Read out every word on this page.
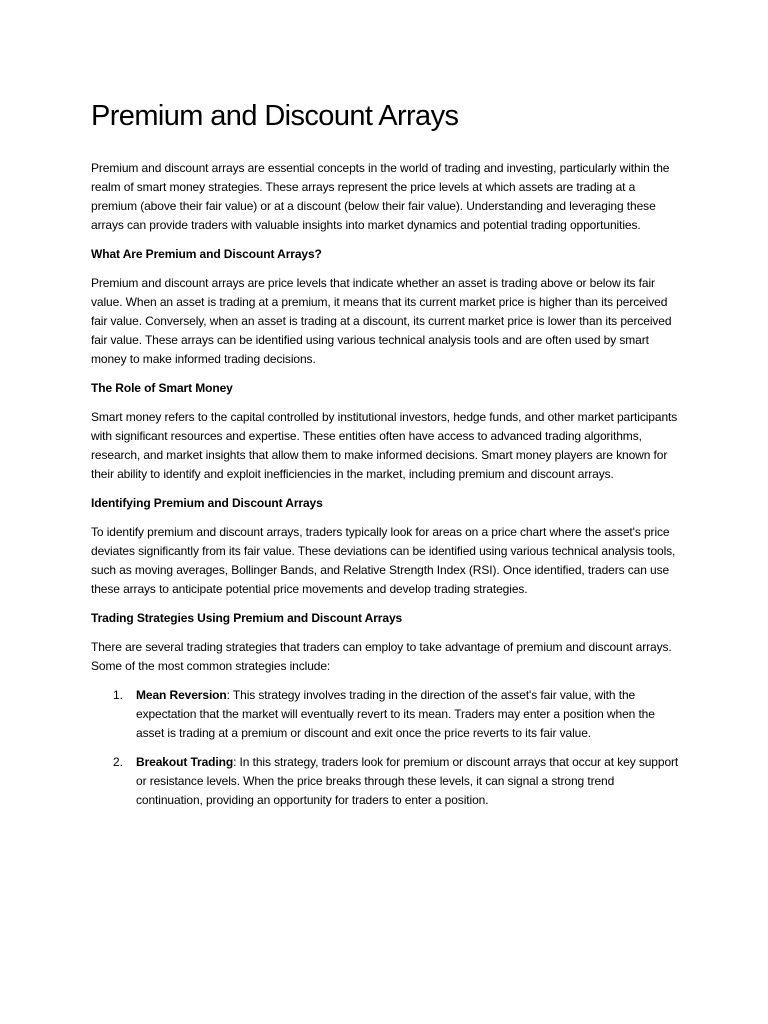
Premium and Discount Arrays

Premium and discount arrays are essential concepts in the world of trading and investing, particularly within the realm of smart money strategies. These arrays represent the price levels at which assets are trading at a premium (above their fair value) or at a discount (below their fair value). Understanding and leveraging these arrays can provide traders with valuable insights into market dynamics and potential trading opportunities.

What Are Premium and Discount Arrays?

Premium and discount arrays are price levels that indicate whether an asset is trading above or below its fair value. When an asset is trading at a premium, it means that its current market price is higher than its perceived fair value. Conversely, when an asset is trading at a discount, its current market price is lower than its perceived fair value. These arrays can be identified using various technical analysis tools and are often used by smart money to make informed trading decisions.

The Role of Smart Money

Smart money refers to the capital controlled by institutional investors, hedge funds, and other market participants with significant resources and expertise. These entities often have access to advanced trading algorithms, research, and market insights that allow them to make informed decisions. Smart money players are known for their ability to identify and exploit inefficiencies in the market, including premium and discount arrays.

Identifying Premium and Discount Arrays

To identify premium and discount arrays, traders typically look for areas on a price chart where the asset's price deviates significantly from its fair value. These deviations can be identified using various technical analysis tools, such as moving averages, Bollinger Bands, and Relative Strength Index (RSI). Once identified, traders can use these arrays to anticipate potential price movements and develop trading strategies.

Trading Strategies Using Premium and Discount Arrays

There are several trading strategies that traders can employ to take advantage of premium and discount arrays. Some of the most common strategies include:

1. Mean Reversion: This strategy involves trading in the direction of the asset's fair value, with the expectation that the market will eventually revert to its mean. Traders may enter a position when the asset is trading at a premium or discount and exit once the price reverts to its fair value.
2. Breakout Trading: In this strategy, traders look for premium or discount arrays that occur at key support or resistance levels. When the price breaks through these levels, it can signal a strong trend continuation, providing an opportunity for traders to enter a position.
